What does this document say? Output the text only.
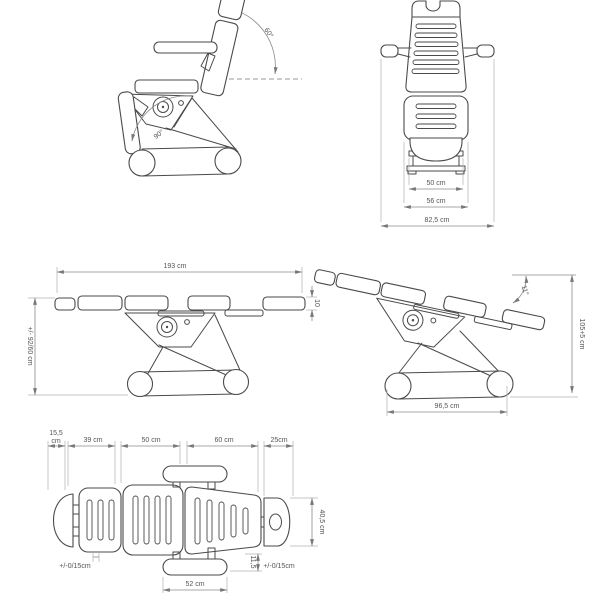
60°
90°
50 cm
56 cm
82,5 cm
193 cm
+/- 92/60 cm
10
11°
105+5 cm
96,5 cm
15,5
cm	39 cm	50 cm	60 cm	25cm
40,5 cm
11,5 +/-0/15cm
+/-0/15cm
52 cm
